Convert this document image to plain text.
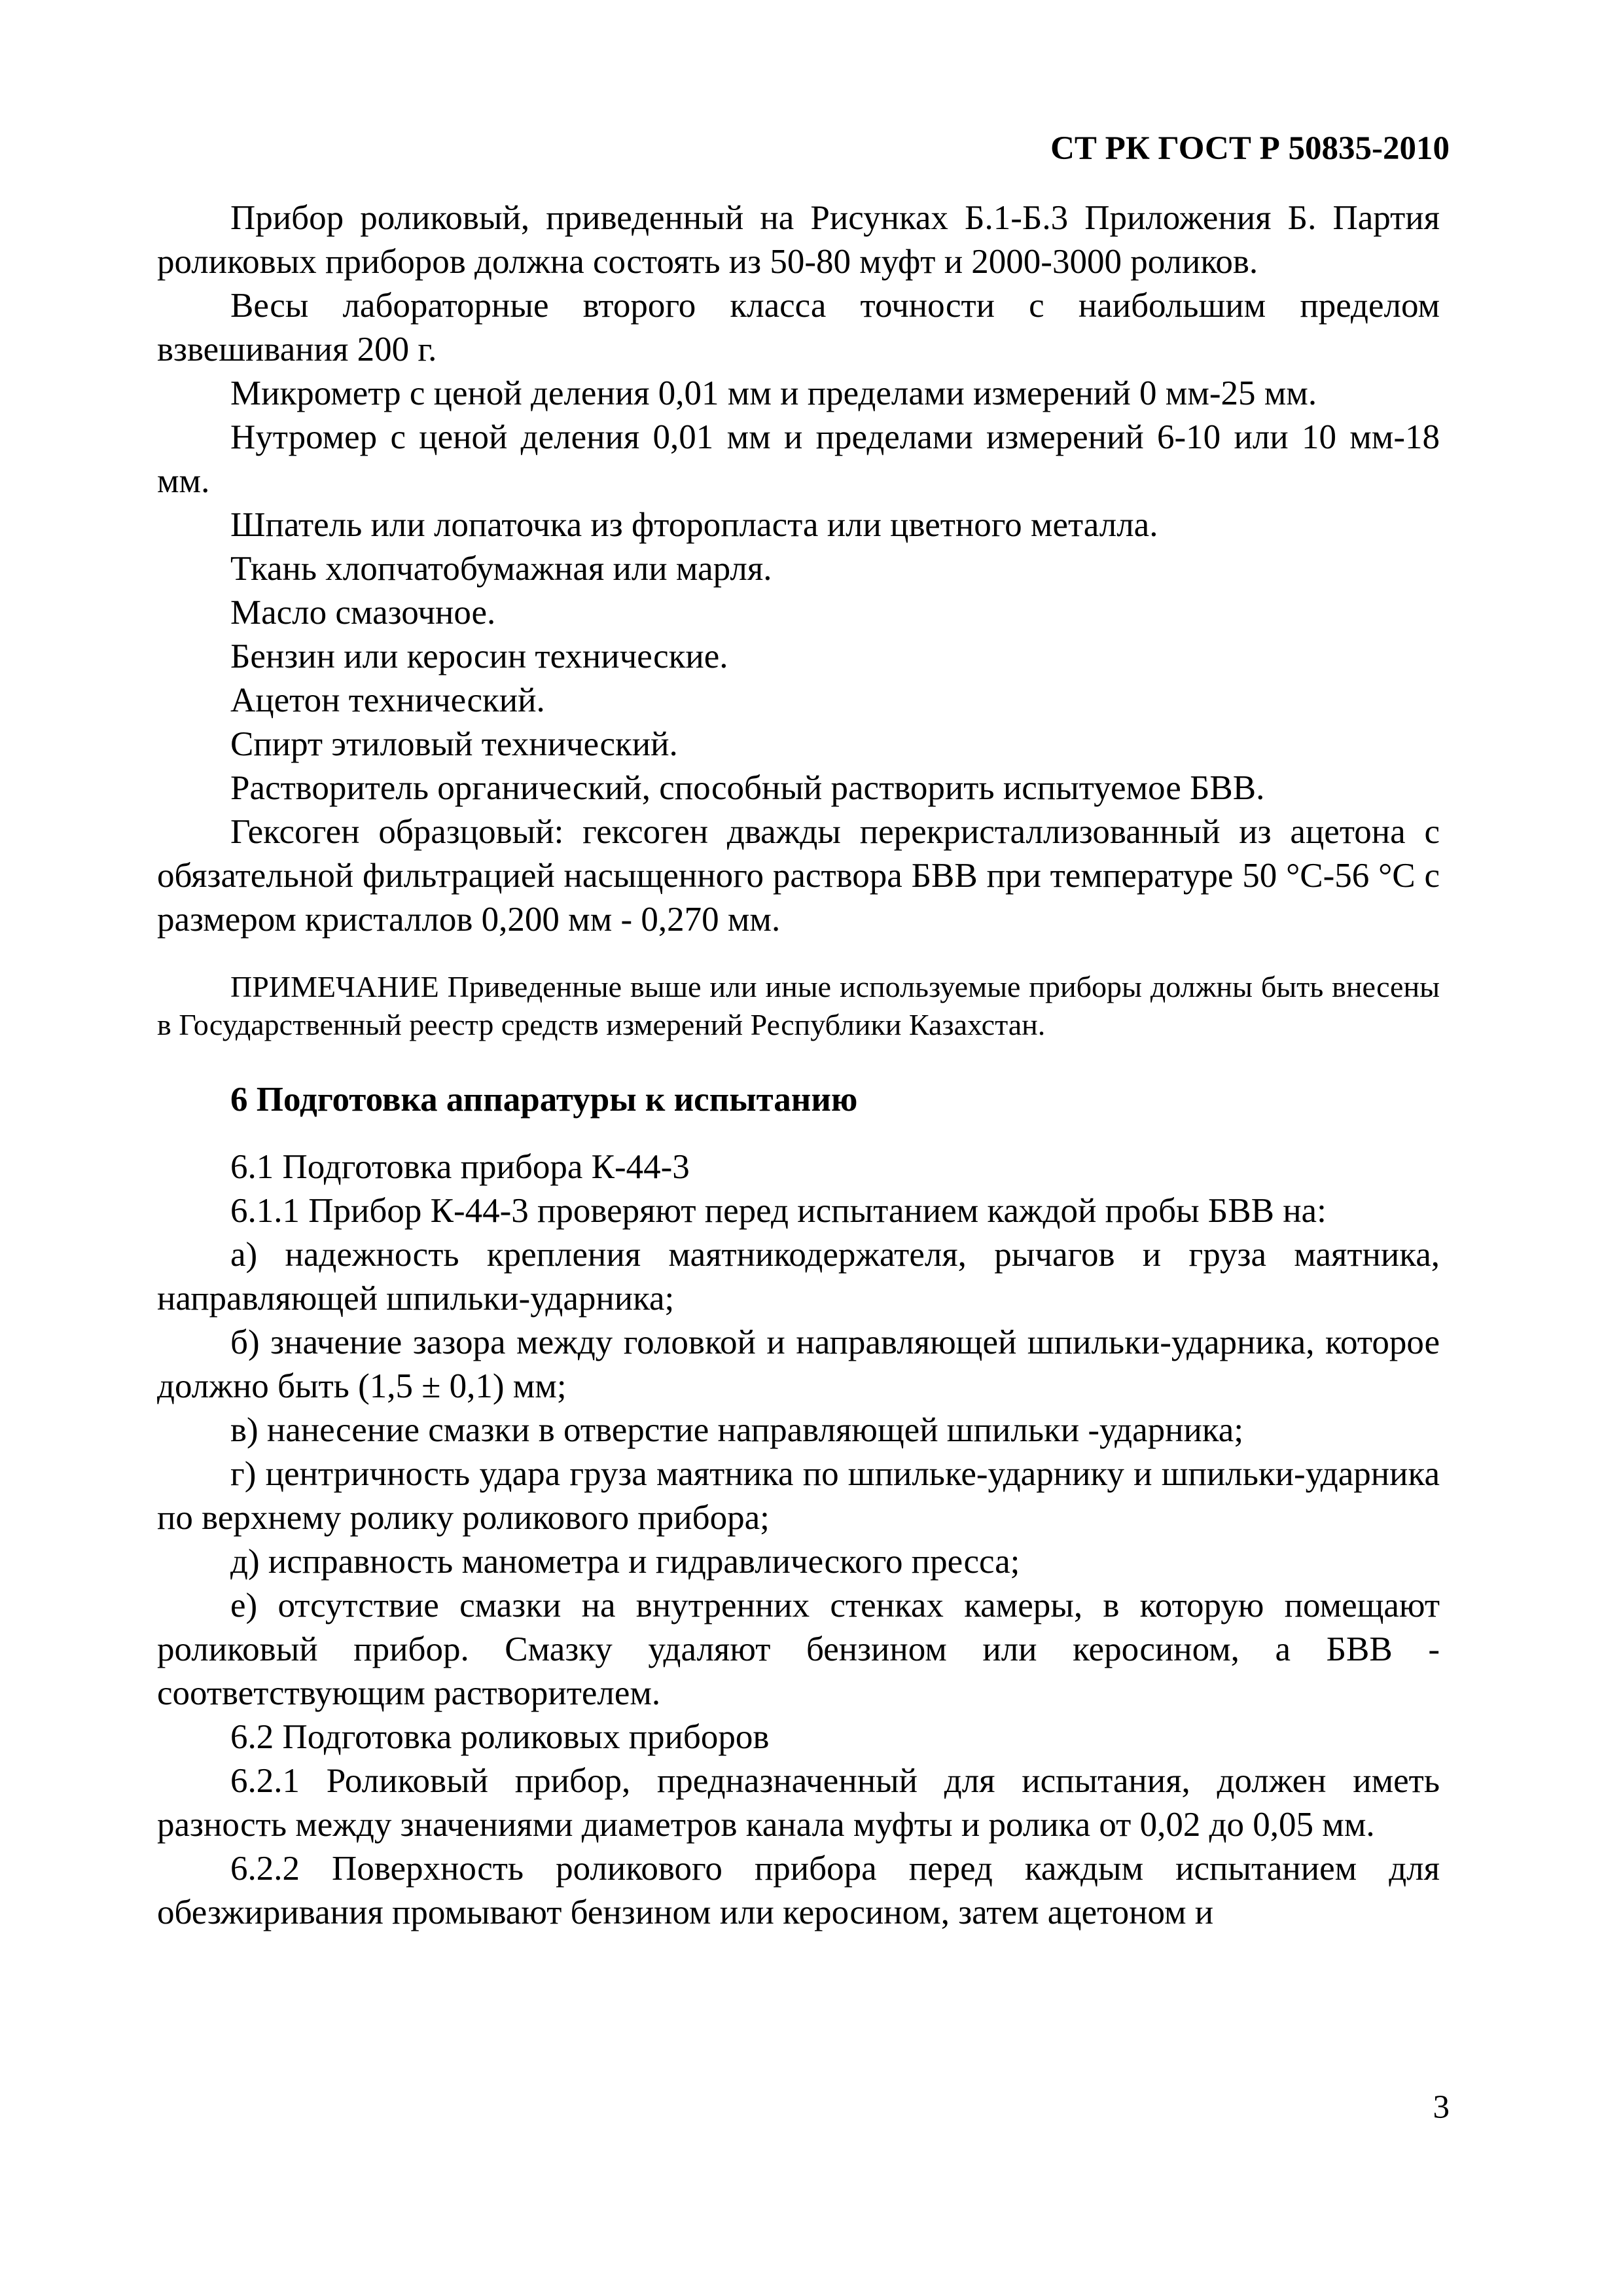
СТ РК ГОСТ Р 50835-2010

Прибор роликовый, приведенный на Рисунках Б.1-Б.3 Приложения Б. Партия роликовых приборов должна состоять из 50-80 муфт и 2000-3000 роликов.

Весы лабораторные второго класса точности с наибольшим пределом взвешивания 200 г.

Микрометр с ценой деления 0,01 мм и пределами измерений 0 мм-25 мм.

Нутромер с ценой деления 0,01 мм и пределами измерений 6-10 или 10 мм-18 мм.

Шпатель или лопаточка из фторопласта или цветного металла.

Ткань хлопчатобумажная или марля.

Масло смазочное.

Бензин или керосин технические.

Ацетон технический.

Спирт этиловый технический.

Растворитель органический, способный растворить испытуемое БВВ.

Гексоген образцовый: гексоген дважды перекристаллизованный из ацетона с обязательной фильтрацией насыщенного раствора БВВ при температуре 50 °С-56 °С с размером кристаллов 0,200 мм - 0,270 мм.

ПРИМЕЧАНИЕ Приведенные выше или иные используемые приборы должны быть внесены в Государственный реестр средств измерений Республики Казахстан.

6 Подготовка аппаратуры к испытанию

6.1 Подготовка прибора К-44-3

6.1.1 Прибор К-44-3 проверяют перед испытанием каждой пробы БВВ на:

а) надежность крепления маятникодержателя, рычагов и груза маятника, направляющей шпильки-ударника;

б) значение зазора между головкой и направляющей шпильки-ударника, которое должно быть (1,5 ± 0,1) мм;

в) нанесение смазки в отверстие направляющей шпильки -ударника;

г) центричность удара груза маятника по шпильке-ударнику и шпильки-ударника по верхнему ролику роликового прибора;

д) исправность манометра и гидравлического пресса;

е) отсутствие смазки на внутренних стенках камеры, в которую помещают роликовый прибор. Смазку удаляют бензином или керосином, а БВВ - соответствующим растворителем.

6.2 Подготовка роликовых приборов

6.2.1 Роликовый прибор, предназначенный для испытания, должен иметь разность между значениями диаметров канала муфты и ролика от 0,02 до 0,05 мм.

6.2.2 Поверхность роликового прибора перед каждым испытанием для обезжиривания промывают бензином или керосином, затем ацетоном и

3
